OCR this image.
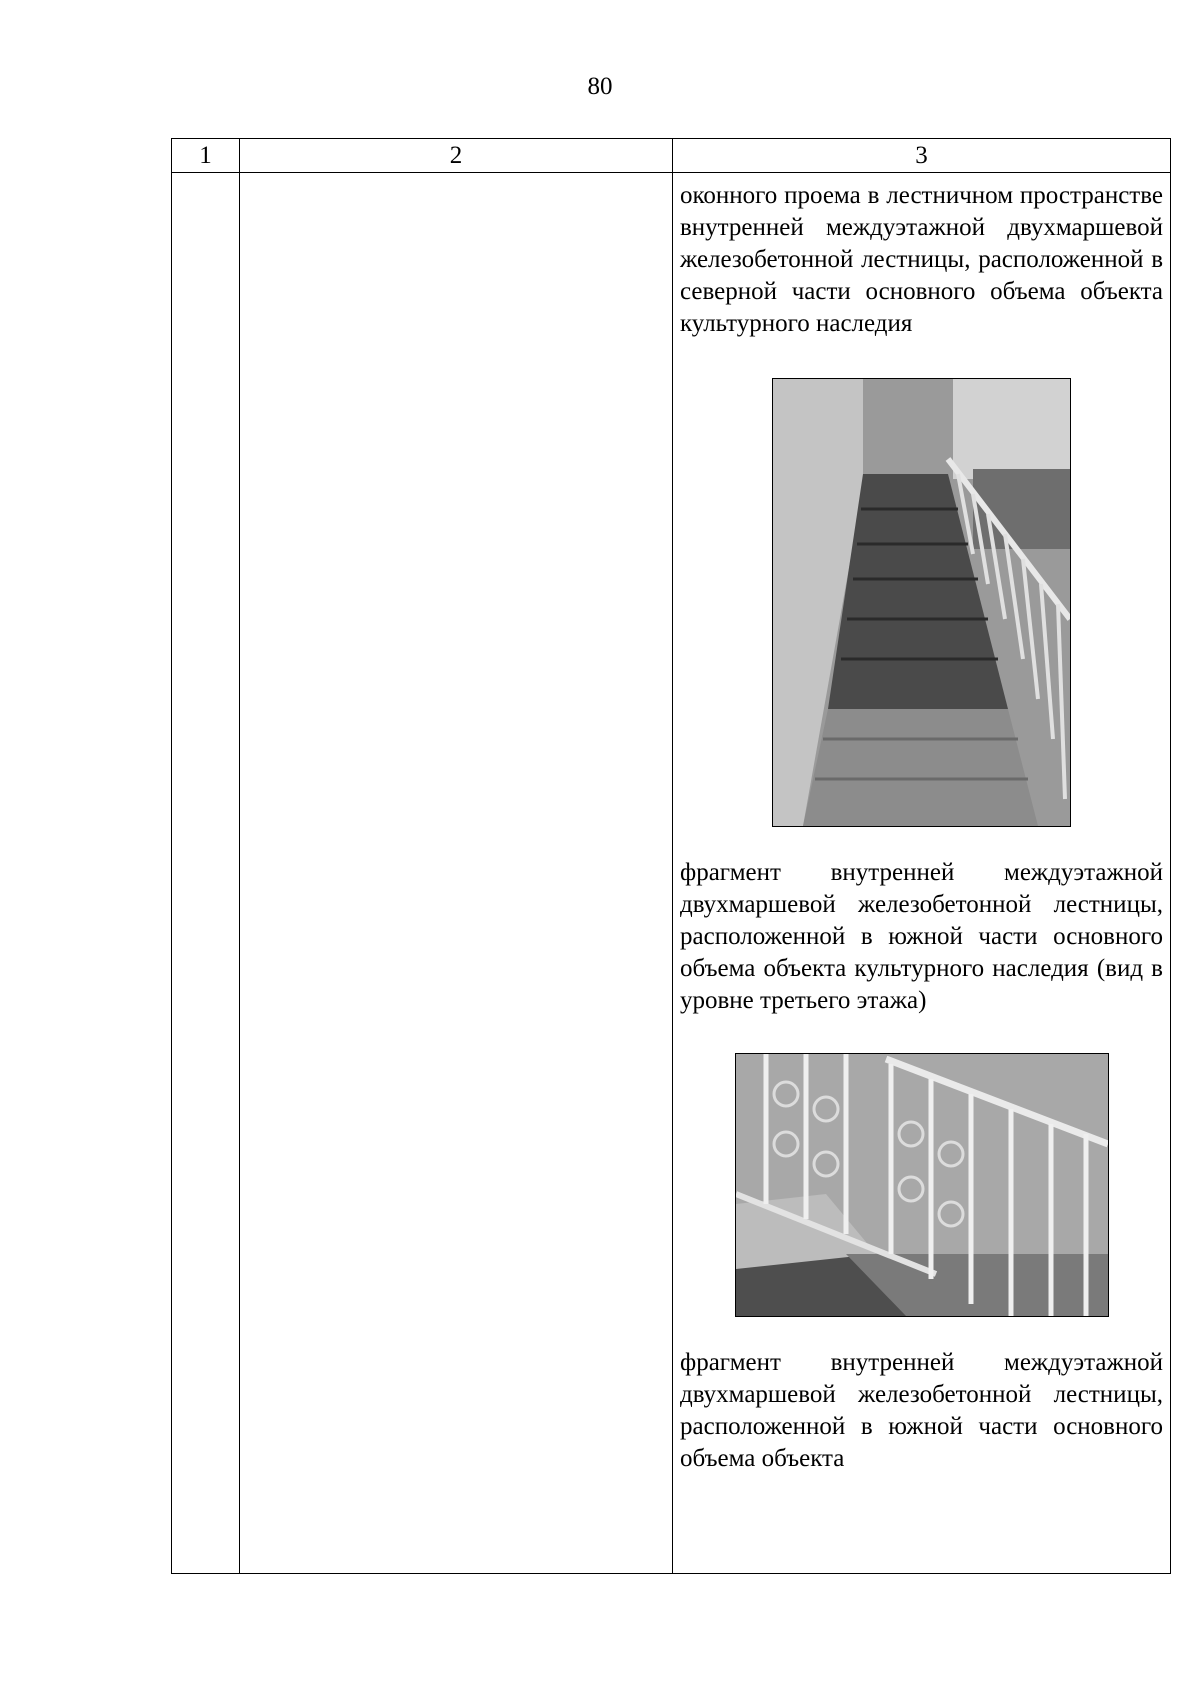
80
1	2	3

		оконного проема в лестничном пространстве внутренней междуэтажной двухмаршевой железобетонной лестницы, расположенной в северной части основного объема объекта культурного наследия

фрагмент внутренней междуэтажной двухмаршевой железобетонной лестницы, расположенной в южной части основного объема объекта культурного наследия (вид в уровне третьего этажа)

фрагмент внутренней междуэтажной двухмаршевой железобетонной лестницы, расположенной в южной части основного объема объекта
